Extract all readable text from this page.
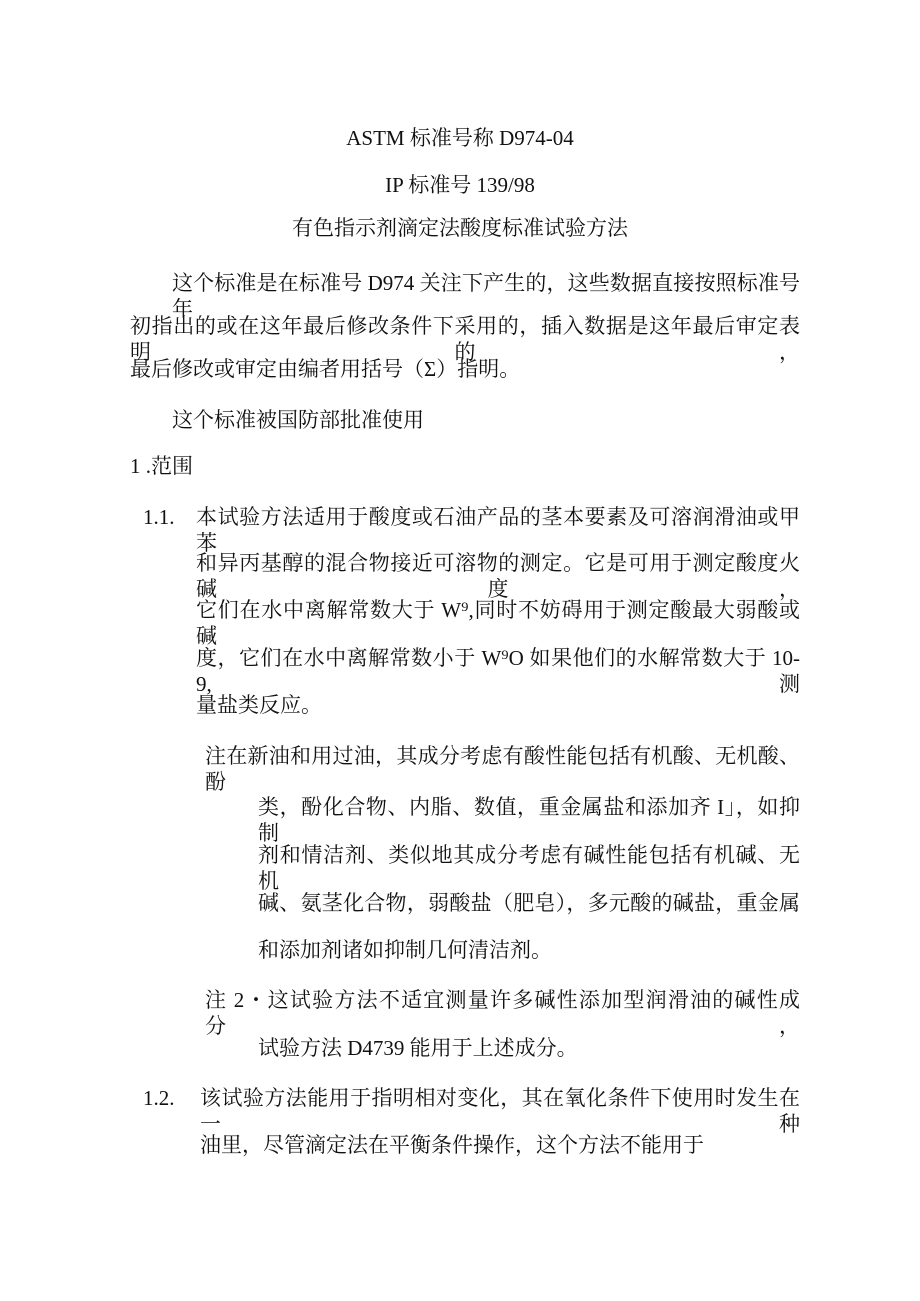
ASTM 标准号称 D974-04
IP 标准号 139/98
有色指示剂滴定法酸度标准试验方法
这个标准是在标准号 D974 关注下产生的，这些数据直接按照标准号年
初指出的或在这年最后修改条件下采用的，插入数据是这年最后审定表明的，
最后修改或审定由编者用括号（Σ）指明。
这个标准被国防部批准使用
1 .范围
1.1. 本试验方法适用于酸度或石油产品的茎本要素及可溶润滑油或甲苯
和异丙基醇的混合物接近可溶物的测定。它是可用于测定酸度火碱度，
它们在水中离解常数大于 W⁹,同时不妨碍用于测定酸最大弱酸或碱
度，它们在水中离解常数小于 W⁹O 如果他们的水解常数大于 10-9,测
量盐类反应。
注在新油和用过油，其成分考虑有酸性能包括有机酸、无机酸、酚
类，酚化合物、内脂、数值，重金属盐和添加齐 I」，如抑制
剂和情洁剂、类似地其成分考虑有碱性能包括有机碱、无机
碱、氨茎化合物，弱酸盐（肥皂），多元酸的碱盐，重金属
和添加剂诸如抑制几何清洁剂。
注 2・这试验方法不适宜测量许多碱性添加型润滑油的碱性成分，
试验方法 D4739 能用于上述成分。
1.2. 该试验方法能用于指明相对变化，其在氧化条件下使用时发生在一种
油里，尽管滴定法在平衡条件操作，这个方法不能用于
